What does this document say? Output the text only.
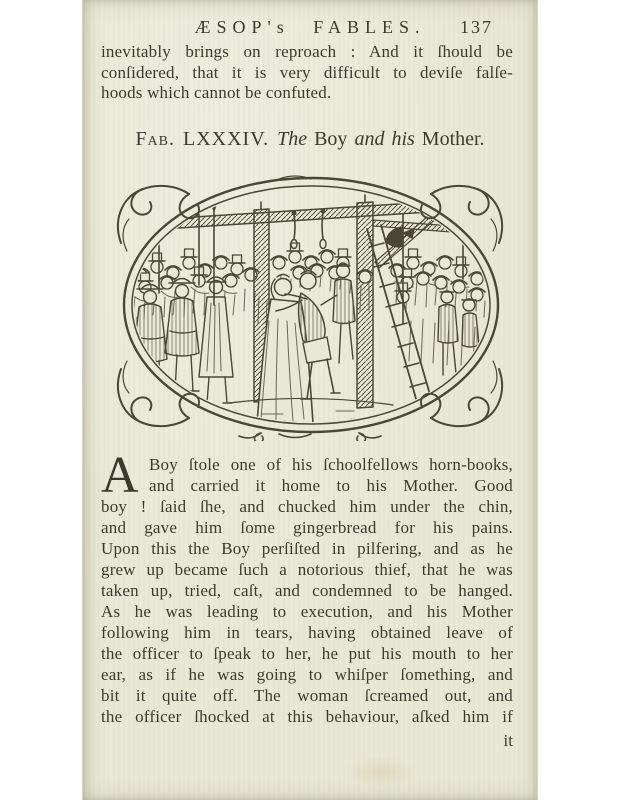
ÆSOP's FABLES. 137
inevitably brings on reproach : And it ſhould be
conſidered, that it is very difficult to deviſe falſe-
hoods which cannot be confuted.
Fab. LXXXIV. The Boy and his Mother.
A Boy ſtole one of his ſchoolfellows horn-books,
and carried it home to his Mother. Good
boy ! ſaid ſhe, and chucked him under the chin,
and gave him ſome gingerbread for his pains.
Upon this the Boy perſiſted in pilfering, and as he
grew up became ſuch a notorious thief, that he was
taken up, tried, caſt, and condemned to be hanged.
As he was leading to execution, and his Mother
following him in tears, having obtained leave of
the officer to ſpeak to her, he put his mouth to her
ear, as if he was going to whiſper ſomething, and
bit it quite off. The woman ſcreamed out, and
the officer ſhocked at this behaviour, aſked him if
it
